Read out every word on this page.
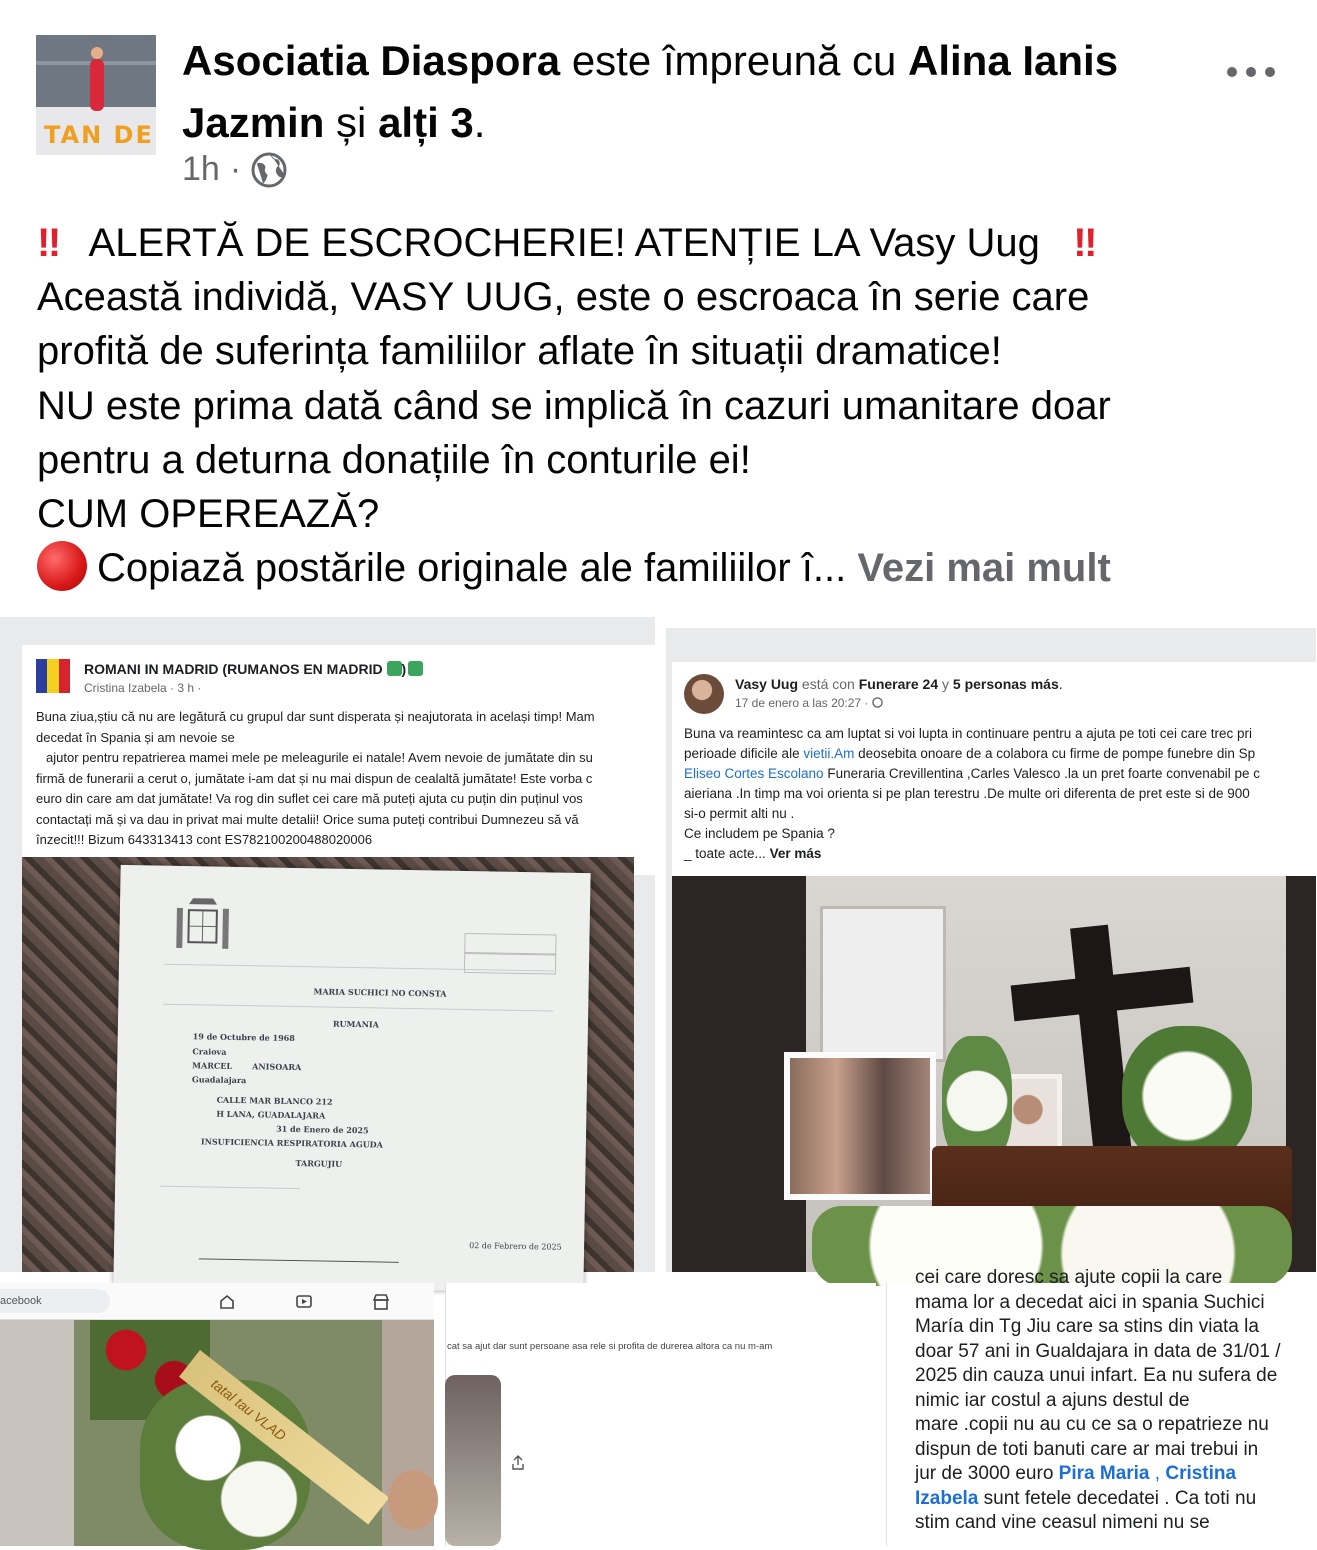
TAN DE
Asociatia Diaspora este împreună cu Alina Ianis
Jazmin și alți 3.
1h ·
‼ ALERTĂ DE ESCROCHERIE! ATENȚIE LA Vasy Uug ‼
Această individă, VASY UUG, este o escroaca în serie care
profită de suferința familiilor aflate în situații dramatice!
NU este prima dată când se implică în cazuri umanitare doar
pentru a deturna donațiile în conturile ei!
CUM OPEREAZĂ?
Copiază postările originale ale familiilor î... Vezi mai mult
ROMANI IN MADRID (RUMANOS EN MADRID )
Cristina Izabela · 3 h ·
Buna ziua,știu că nu are legătură cu grupul dar sunt disperata și neajutorata in același timp! Mam
decedat în Spania și am nevoie se
ajutor pentru repatrierea mamei mele pe meleagurile ei natale! Avem nevoie de jumătate din su
firmă de funerarii a cerut o, jumătate i-am dat și nu mai dispun de cealaltă jumătate! Este vorba c
euro din care am dat jumătate! Va rog din suflet cei care mă puteți ajuta cu puțin din puținul vos
contactați mă și va dau in privat mai multe detalii! Orice suma puteți contribui Dumnezeu să vă
înzecit!!! Bizum 643313413 cont ES782100200488020006
MARIA SUCHICI NO CONSTA
RUMANIA
19 de Octubre de 1968
Craiova
MARCEL	ANISOARA
Guadalajara
CALLE MAR BLANCO 212
H LANA, GUADALAJARA
31 de Enero de 2025
INSUFICIENCIA RESPIRATORIA AGUDA
TARGUJIU
02 de Febrero de 2025
Vasy Uug está con Funerare 24 y 5 personas más.
17 de enero a las 20:27 ·
Buna va reamintesc ca am luptat si voi lupta in continuare pentru a ajuta pe toti cei care trec pri
perioade dificile ale vietii.Am deosebita onoare de a colabora cu firme de pompe funebre din Sp
Eliseo Cortes Escolano Funeraria Crevillentina ,Carles Valesco .la un pret foarte convenabil pe c
aieriana .In timp ma voi orienta si pe plan terestru .De multe ori diferenta de pret este si de 900
si-o permit alti nu .
Ce includem pe Spania ?
_ toate acte... Ver más
acebook
tatal tau VLAD
cat sa ajut dar sunt persoane asa rele si profita de durerea altora ca nu m-am
cei care doresc sa ajute copii la care
mama lor a decedat aici in spania Suchici
María din Tg Jiu care sa stins din viata la
doar 57 ani in Gualdajara in data de 31/01 /
2025 din cauza unui infart. Ea nu sufera de
nimic iar costul a ajuns destul de
mare .copii nu au cu ce sa o repatrieze nu
dispun de toti banuti care ar mai trebui in
jur de 3000 euro Pira Maria , Cristina
Izabela sunt fetele decedatei . Ca toti nu
stim cand vine ceasul nimeni nu se
